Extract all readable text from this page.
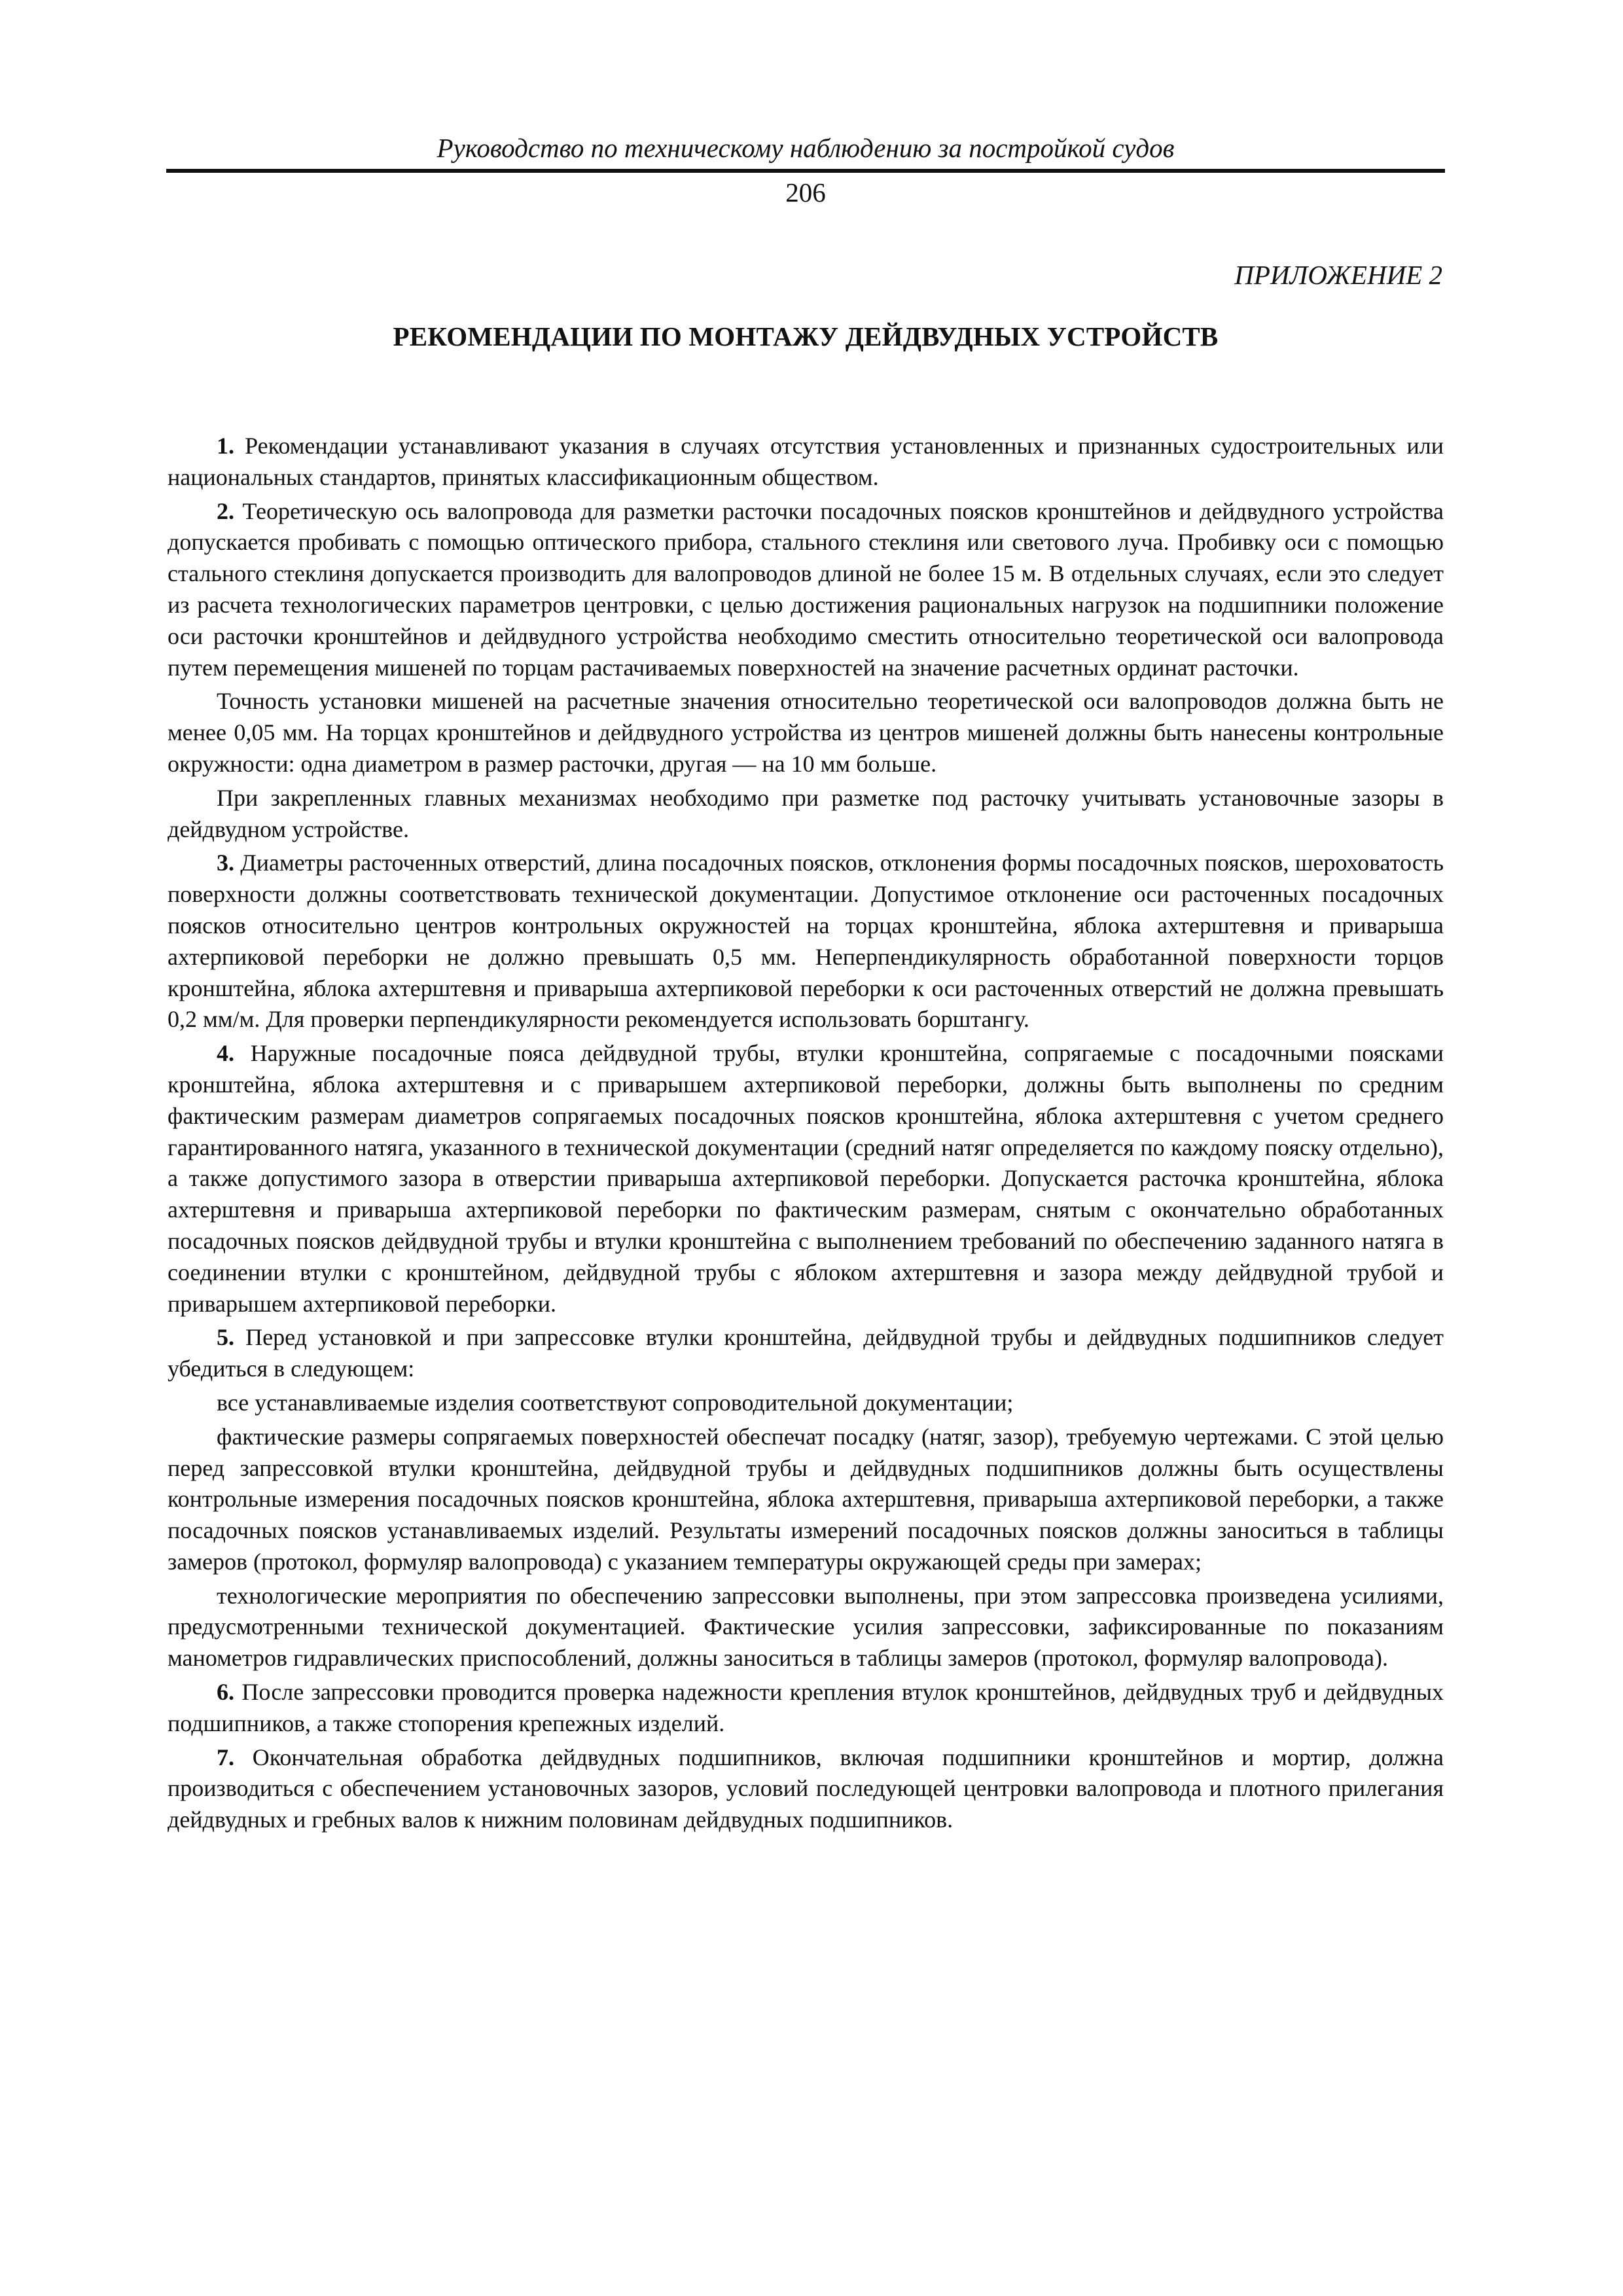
Руководство по техническому наблюдению за постройкой судов
206
ПРИЛОЖЕНИЕ 2
РЕКОМЕНДАЦИИ ПО МОНТАЖУ ДЕЙДВУДНЫХ УСТРОЙСТВ

1. Рекомендации устанавливают указания в случаях отсутствия установленных и признанных судостроительных или национальных стандартов, принятых классификационным обществом.

2. Теоретическую ось валопровода для разметки расточки посадочных поясков кронштейнов и дейдвудного устройства допускается пробивать с помощью оптического прибора, стального стеклиня или светового луча. Пробивку оси с помощью стального стеклиня допускается производить для валопроводов длиной не более 15 м. В отдельных случаях, если это следует из расчета технологических параметров центровки, с целью достижения рациональных нагрузок на подшипники положение оси расточки кронштейнов и дейдвудного устройства необходимо сместить относительно теоретической оси валопровода путем перемещения мишеней по торцам растачиваемых поверхностей на значение расчетных ординат расточки.

Точность установки мишеней на расчетные значения относительно теоретической оси валопроводов должна быть не менее 0,05 мм. На торцах кронштейнов и дейдвудного устройства из центров мишеней должны быть нанесены контрольные окружности: одна диаметром в размер расточки, другая — на 10 мм больше.

При закрепленных главных механизмах необходимо при разметке под расточку учитывать установочные зазоры в дейдвудном устройстве.

3. Диаметры расточенных отверстий, длина посадочных поясков, отклонения формы посадочных поясков, шероховатость поверхности должны соответствовать технической документации. Допустимое отклонение оси расточенных посадочных поясков относительно центров контрольных окружностей на торцах кронштейна, яблока ахтерштевня и приварыша ахтерпиковой переборки не должно превышать 0,5 мм. Неперпендикулярность обработанной поверхности торцов кронштейна, яблока ахтерштевня и приварыша ахтерпиковой переборки к оси расточенных отверстий не должна превышать 0,2 мм/м. Для проверки перпендикулярности рекомендуется использовать борштангу.

4. Наружные посадочные пояса дейдвудной трубы, втулки кронштейна, сопрягаемые с посадочными поясками кронштейна, яблока ахтерштевня и с приварышем ахтерпиковой переборки, должны быть выполнены по средним фактическим размерам диаметров сопрягаемых посадочных поясков кронштейна, яблока ахтерштевня с учетом среднего гарантированного натяга, указанного в технической документации (средний натяг определяется по каждому пояску отдельно), а также допустимого зазора в отверстии приварыша ахтерпиковой переборки. Допускается расточка кронштейна, яблока ахтерштевня и приварыша ахтерпиковой переборки по фактическим размерам, снятым с окончательно обработанных посадочных поясков дейдвудной трубы и втулки кронштейна с выполнением требований по обеспечению заданного натяга в соединении втулки с кронштейном, дейдвудной трубы с яблоком ахтерштевня и зазора между дейдвудной трубой и приварышем ахтерпиковой переборки.

5. Перед установкой и при запрессовке втулки кронштейна, дейдвудной трубы и дейдвудных подшипников следует убедиться в следующем:

все устанавливаемые изделия соответствуют сопроводительной документации;

фактические размеры сопрягаемых поверхностей обеспечат посадку (натяг, зазор), требуемую чертежами. С этой целью перед запрессовкой втулки кронштейна, дейдвудной трубы и дейдвудных подшипников должны быть осуществлены контрольные измерения посадочных поясков кронштейна, яблока ахтерштевня, приварыша ахтерпиковой переборки, а также посадочных поясков устанавливаемых изделий. Результаты измерений посадочных поясков должны заноситься в таблицы замеров (протокол, формуляр валопровода) с указанием температуры окружающей среды при замерах;

технологические мероприятия по обеспечению запрессовки выполнены, при этом запрессовка произведена усилиями, предусмотренными технической документацией. Фактические усилия запрессовки, зафиксированные по показаниям манометров гидравлических приспособлений, должны заноситься в таблицы замеров (протокол, формуляр валопровода).

6. После запрессовки проводится проверка надежности крепления втулок кронштейнов, дейдвудных труб и дейдвудных подшипников, а также стопорения крепежных изделий.

7. Окончательная обработка дейдвудных подшипников, включая подшипники кронштейнов и мортир, должна производиться с обеспечением установочных зазоров, условий последующей центровки валопровода и плотного прилегания дейдвудных и гребных валов к нижним половинам дейдвудных подшипников.
